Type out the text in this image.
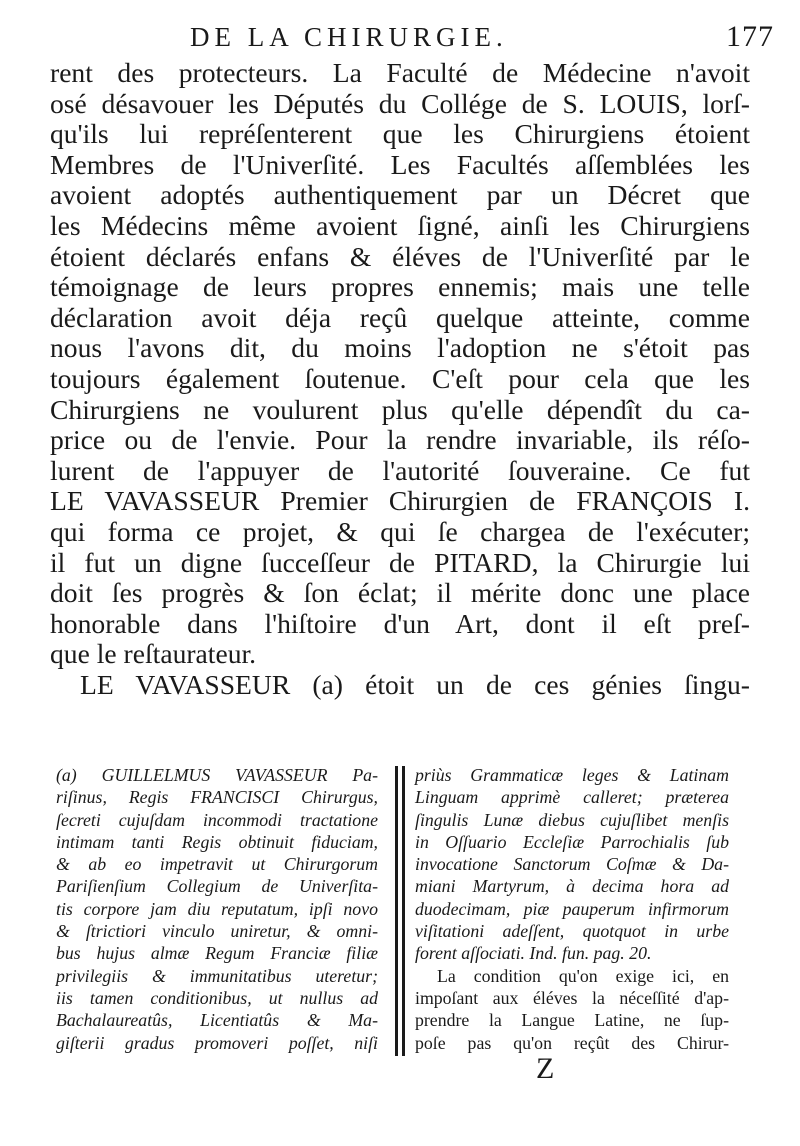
DE LA CHIRURGIE.	177
rent des protecteurs. La Faculté de Médecine n'avoit
osé désavouer les Députés du Collége de S. LOUIS, lorſ-
qu'ils lui repréſenterent que les Chirurgiens étoient
Membres de l'Univerſité. Les Facultés aſſemblées les
avoient adoptés authentiquement par un Décret que
les Médecins même avoient ſigné, ainſi les Chirurgiens
étoient déclarés enfans & éléves de l'Univerſité par le
témoignage de leurs propres ennemis; mais une telle
déclaration avoit déja reçû quelque atteinte, comme
nous l'avons dit, du moins l'adoption ne s'étoit pas
toujours également ſoutenue. C'eſt pour cela que les
Chirurgiens ne voulurent plus qu'elle dépendît du ca-
price ou de l'envie. Pour la rendre invariable, ils réſo-
lurent de l'appuyer de l'autorité ſouveraine. Ce fut
LE VAVASSEUR Premier Chirurgien de FRANÇOIS I.
qui forma ce projet, & qui ſe chargea de l'exécuter;
il fut un digne ſucceſſeur de PITARD, la Chirurgie lui
doit ſes progrès & ſon éclat; il mérite donc une place
honorable dans l'hiſtoire d'un Art, dont il eſt preſ-
que le reſtaurateur.
LE VAVASSEUR (a) étoit un de ces génies ſingu-
(a) GUILLELMUS VAVASSEUR Pa-
riſinus, Regis FRANCISCI Chirurgus,
ſecreti cujuſdam incommodi tractatione
intimam tanti Regis obtinuit fiduciam,
& ab eo impetravit ut Chirurgorum
Pariſienſium Collegium de Univerſita-
tis corpore jam diu reputatum, ipſi novo
& ſtrictiori vinculo uniretur, & omni-
bus hujus almæ Regum Franciæ filiæ
privilegiis & immunitatibus uteretur;
iis tamen conditionibus, ut nullus ad
Bachalaureatûs, Licentiatûs & Ma-
giſterii gradus promoveri poſſet, niſi
priùs Grammaticæ leges & Latinam
Linguam apprimè calleret; præterea
ſingulis Lunæ diebus cujuſlibet menſis
in Oſſuario Eccleſiæ Parrochialis ſub
invocatione Sanctorum Coſmæ & Da-
miani Martyrum, à decima hora ad
duodecimam, piæ pauperum infirmorum
viſitationi adeſſent, quotquot in urbe
forent aſſociati. Ind. fun. pag. 20.
La condition qu'on exige ici, en
impoſant aux éléves la néceſſité d'ap-
prendre la Langue Latine, ne ſup-
poſe pas qu'on reçût des Chirur-
Z
